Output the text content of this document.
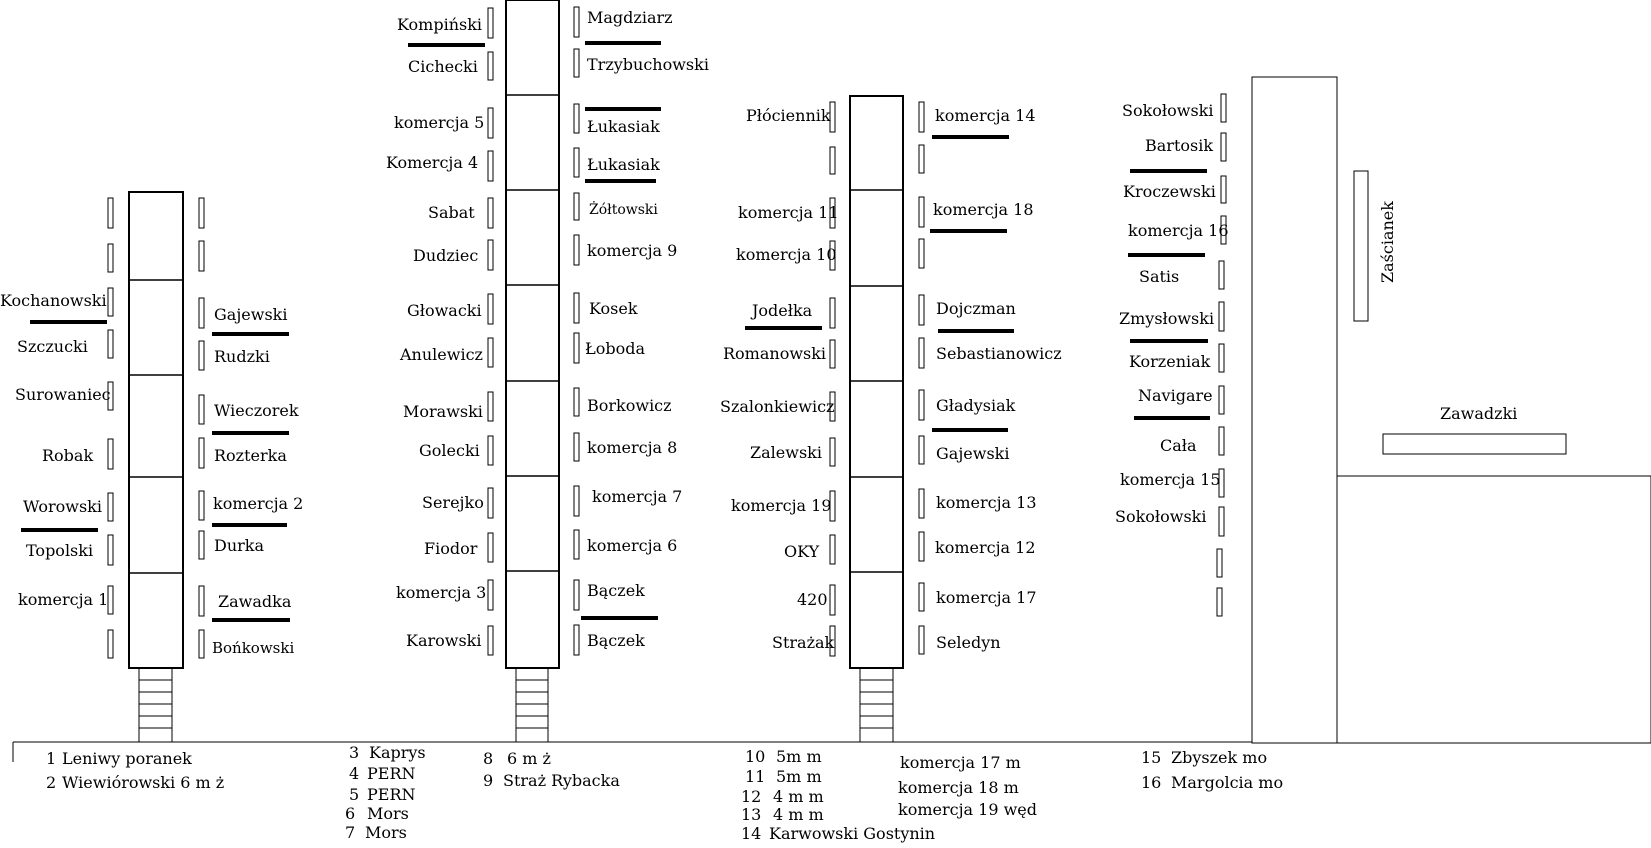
Kochanowski
Szczucki
Surowaniec
Robak
Worowski
Topolski
komercja 1
Gajewski
Rudzki
Wieczorek
Rozterka
komercja 2
Durka
Zawadka
Bońkowski
Kompiński
Cichecki
komercja 5
Komercja 4
Sabat
Dudziec
Głowacki
Anulewicz
Morawski
Golecki
Serejko
Fiodor
komercja 3
Karowski
Magdziarz
Trzybuchowski
Łukasiak
Łukasiak
Żółtowski
komercja 9
Kosek
Łoboda
Borkowicz
komercja 8
komercja 7
komercja 6
Bączek
Bączek
Płóciennik
komercja 11
komercja 10
Jodełka
Romanowski
Szalonkiewicz
Zalewski
komercja 19
OKY
420
Strażak
komercja 14
komercja 18
Dojczman
Sebastianowicz
Gładysiak
Gajewski
komercja 13
komercja 12
komercja 17
Seledyn
Sokołowski
Bartosik
Kroczewski
komercja 16
Satis
Zmysłowski
Korzeniak
Navigare
Cała
komercja 15
Sokołowski
Zaścianek
Zawadzki
1 Leniwy poranek
2 Wiewiórowski 6 m ż
3 Kaprys
4 PERN
5 PERN
6 Mors
7 Mors
8 6 m ż
9 Straż Rybacka
10 5m m
11 5m m
12 4 m m
13 4 m m
14 Karwowski Gostynin
komercja 17 m
komercja 18 m
komercja 19 węd
15 Zbyszek mo
16 Margolcia mo
